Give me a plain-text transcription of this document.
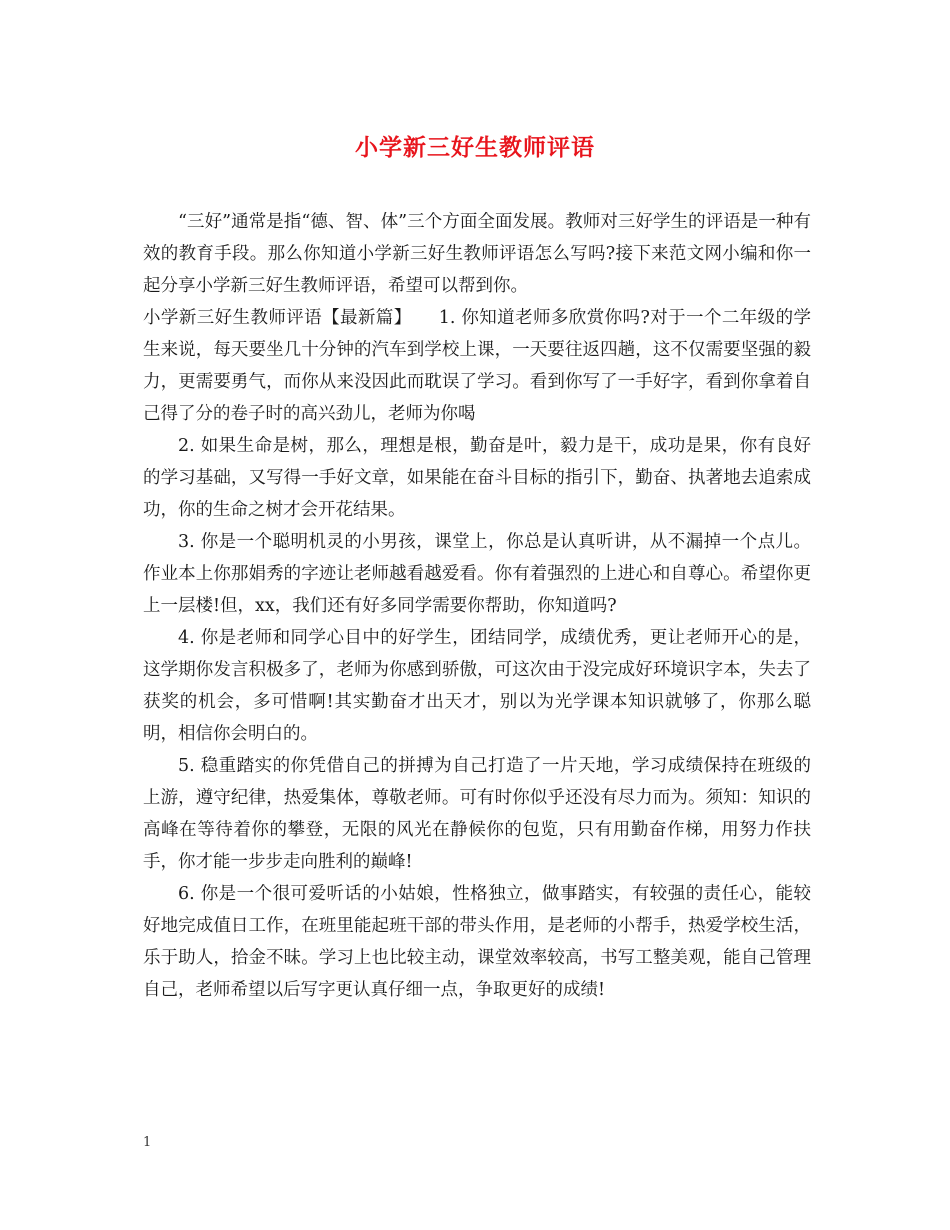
小学新三好生教师评语

“三好”通常是指“德、智、体”三个方面全面发展。教师对三好学生的评语是一种有效的教育手段。那么你知道小学新三好生教师评语怎么写吗?接下来范文网小编和你一起分享小学新三好生教师评语，希望可以帮到你。

小学新三好生教师评语【最新篇】　　1. 你知道老师多欣赏你吗?对于一个二年级的学生来说，每天要坐几十分钟的汽车到学校上课，一天要往返四趟，这不仅需要坚强的毅力，更需要勇气，而你从来没因此而耽误了学习。看到你写了一手好字，看到你拿着自己得了分的卷子时的高兴劲儿，老师为你喝

2. 如果生命是树，那么，理想是根，勤奋是叶，毅力是干，成功是果，你有良好的学习基础，又写得一手好文章，如果能在奋斗目标的指引下，勤奋、执著地去追索成功，你的生命之树才会开花结果。

3. 你是一个聪明机灵的小男孩，课堂上，你总是认真听讲，从不漏掉一个点儿。作业本上你那娟秀的字迹让老师越看越爱看。你有着强烈的上进心和自尊心。希望你更上一层楼!但，xx，我们还有好多同学需要你帮助，你知道吗?

4. 你是老师和同学心目中的好学生，团结同学，成绩优秀，更让老师开心的是，这学期你发言积极多了，老师为你感到骄傲，可这次由于没完成好环境识字本，失去了获奖的机会，多可惜啊!其实勤奋才出天才，别以为光学课本知识就够了，你那么聪明，相信你会明白的。

5. 稳重踏实的你凭借自己的拼搏为自己打造了一片天地，学习成绩保持在班级的上游，遵守纪律，热爱集体，尊敬老师。可有时你似乎还没有尽力而为。须知：知识的高峰在等待着你的攀登，无限的风光在静候你的包览，只有用勤奋作梯，用努力作扶手，你才能一步步走向胜利的巅峰!

6. 你是一个很可爱听话的小姑娘，性格独立，做事踏实，有较强的责任心，能较好地完成值日工作，在班里能起班干部的带头作用，是老师的小帮手，热爱学校生活，乐于助人，拾金不昧。学习上也比较主动，课堂效率较高，书写工整美观，能自己管理自己，老师希望以后写字更认真仔细一点，争取更好的成绩!

1
